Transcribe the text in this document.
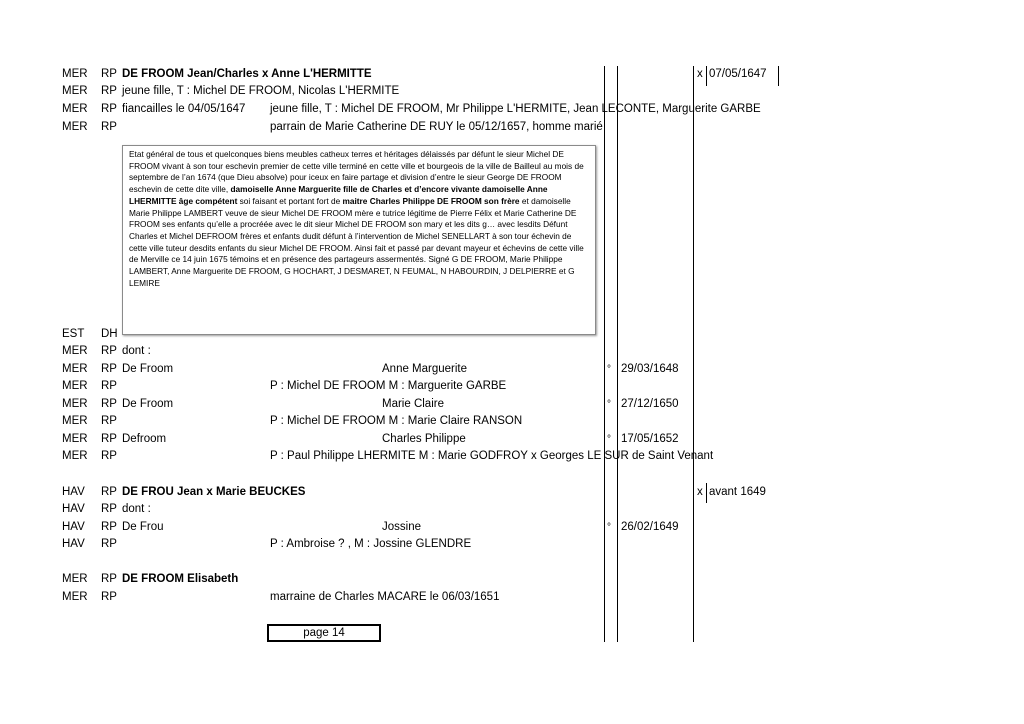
MER RP DE FROOM Jean/Charles x Anne L'HERMITTE	x 07/05/1647
MER RP jeune fille, T : Michel DE FROOM, Nicolas L'HERMITE
MER RP fiancailles le 04/05/1647 jeune fille, T : Michel DE FROOM, Mr Philippe L'HERMITE, Jean LECONTE, Marguerite GARBE
MER RP	parrain de Marie Catherine DE RUY le 05/12/1657, homme marié
EST DH
MER RP dont :
MER RP De Froom	Anne Marguerite	° 29/03/1648
MER RP	P : Michel DE FROOM M : Marguerite GARBE
MER RP De Froom	Marie Claire	° 27/12/1650
MER RP	P : Michel DE FROOM M : Marie Claire RANSON
MER RP Defroom	Charles Philippe	° 17/05/1652
MER RP	P : Paul Philippe LHERMITE M : Marie GODFROY x Georges LE SUR de Saint Venant
HAV RP DE FROU Jean x Marie BEUCKES	x avant 1649
HAV RP dont :
HAV RP De Frou	Jossine	° 26/02/1649
HAV RP	P : Ambroise ? , M : Jossine GLENDRE
MER RP DE FROOM Elisabeth
MER RP	marraine de Charles MACARE le 06/03/1651

Etat général de tous et quelconques biens meubles catheux terres et héritages délaissés par défunt le sieur Michel DE FROOM vivant à son tour eschevin premier de cette ville terminé en cette ville et bourgeois de la ville de Bailleul au mois de septembre de l’an 1674 (que Dieu absolve) pour iceux en faire partage et division d’entre le sieur George DE FROOM eschevin de cette dite ville, damoiselle Anne Marguerite fille de Charles et d’encore vivante damoiselle Anne LHERMITTE âge compétent soi faisant et portant fort de maitre Charles Philippe DE FROOM son frère et damoiselle Marie Philippe LAMBERT veuve de sieur Michel DE FROOM mère e tutrice légitime de Pierre Félix et Marie Catherine DE FROOM ses enfants qu’elle a procréée avec le dit sieur Michel DE FROOM son mary et les dits g… avec lesdits Défunt Charles et Michel DEFROOM frères et enfants dudit défunt à l’intervention de Michel SENELLART à son tour échevin de cette ville tuteur desdits enfants du sieur Michel DE FROOM. Ainsi fait et passé par devant mayeur et échevins de cette ville de Merville ce 14 juin 1675 témoins et en présence des partageurs assermentés. Signé G DE FROOM, Marie Philippe LAMBERT, Anne Marguerite DE FROOM, G HOCHART, J DESMARET, N FEUMAL, N HABOURDIN, J DELPIERRE et G LEMIRE

page 14
